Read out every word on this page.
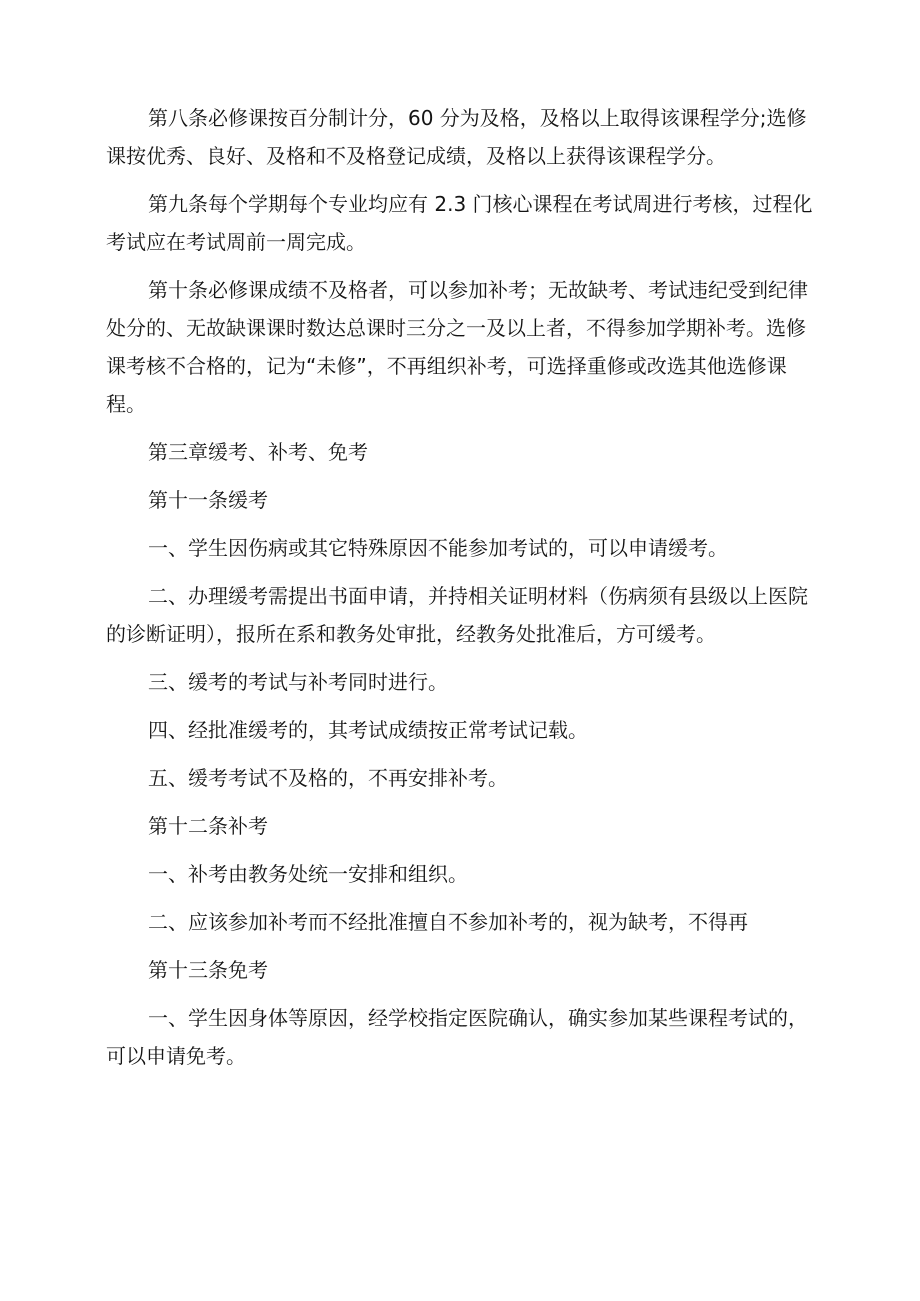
第八条必修课按百分制计分，60 分为及格，及格以上取得该课程学分;选修
课按优秀、良好、及格和不及格登记成绩，及格以上获得该课程学分。

第九条每个学期每个专业均应有 2.3 门核心课程在考试周进行考核，过程化
考试应在考试周前一周完成。

第十条必修课成绩不及格者，可以参加补考；无故缺考、考试违纪受到纪律
处分的、无故缺课课时数达总课时三分之一及以上者，不得参加学期补考。选修
课考核不合格的，记为“未修”，不再组织补考，可选择重修或改选其他选修课
程。

第三章缓考、补考、免考

第十一条缓考

一、学生因伤病或其它特殊原因不能参加考试的，可以申请缓考。

二、办理缓考需提出书面申请，并持相关证明材料（伤病须有县级以上医院
的诊断证明），报所在系和教务处审批，经教务处批准后，方可缓考。

三、缓考的考试与补考同时进行。

四、经批准缓考的，其考试成绩按正常考试记载。

五、缓考考试不及格的，不再安排补考。

第十二条补考

一、补考由教务处统一安排和组织。

二、应该参加补考而不经批准擅自不参加补考的，视为缺考，不得再

第十三条免考

一、学生因身体等原因，经学校指定医院确认，确实参加某些课程考试的，
可以申请免考。
